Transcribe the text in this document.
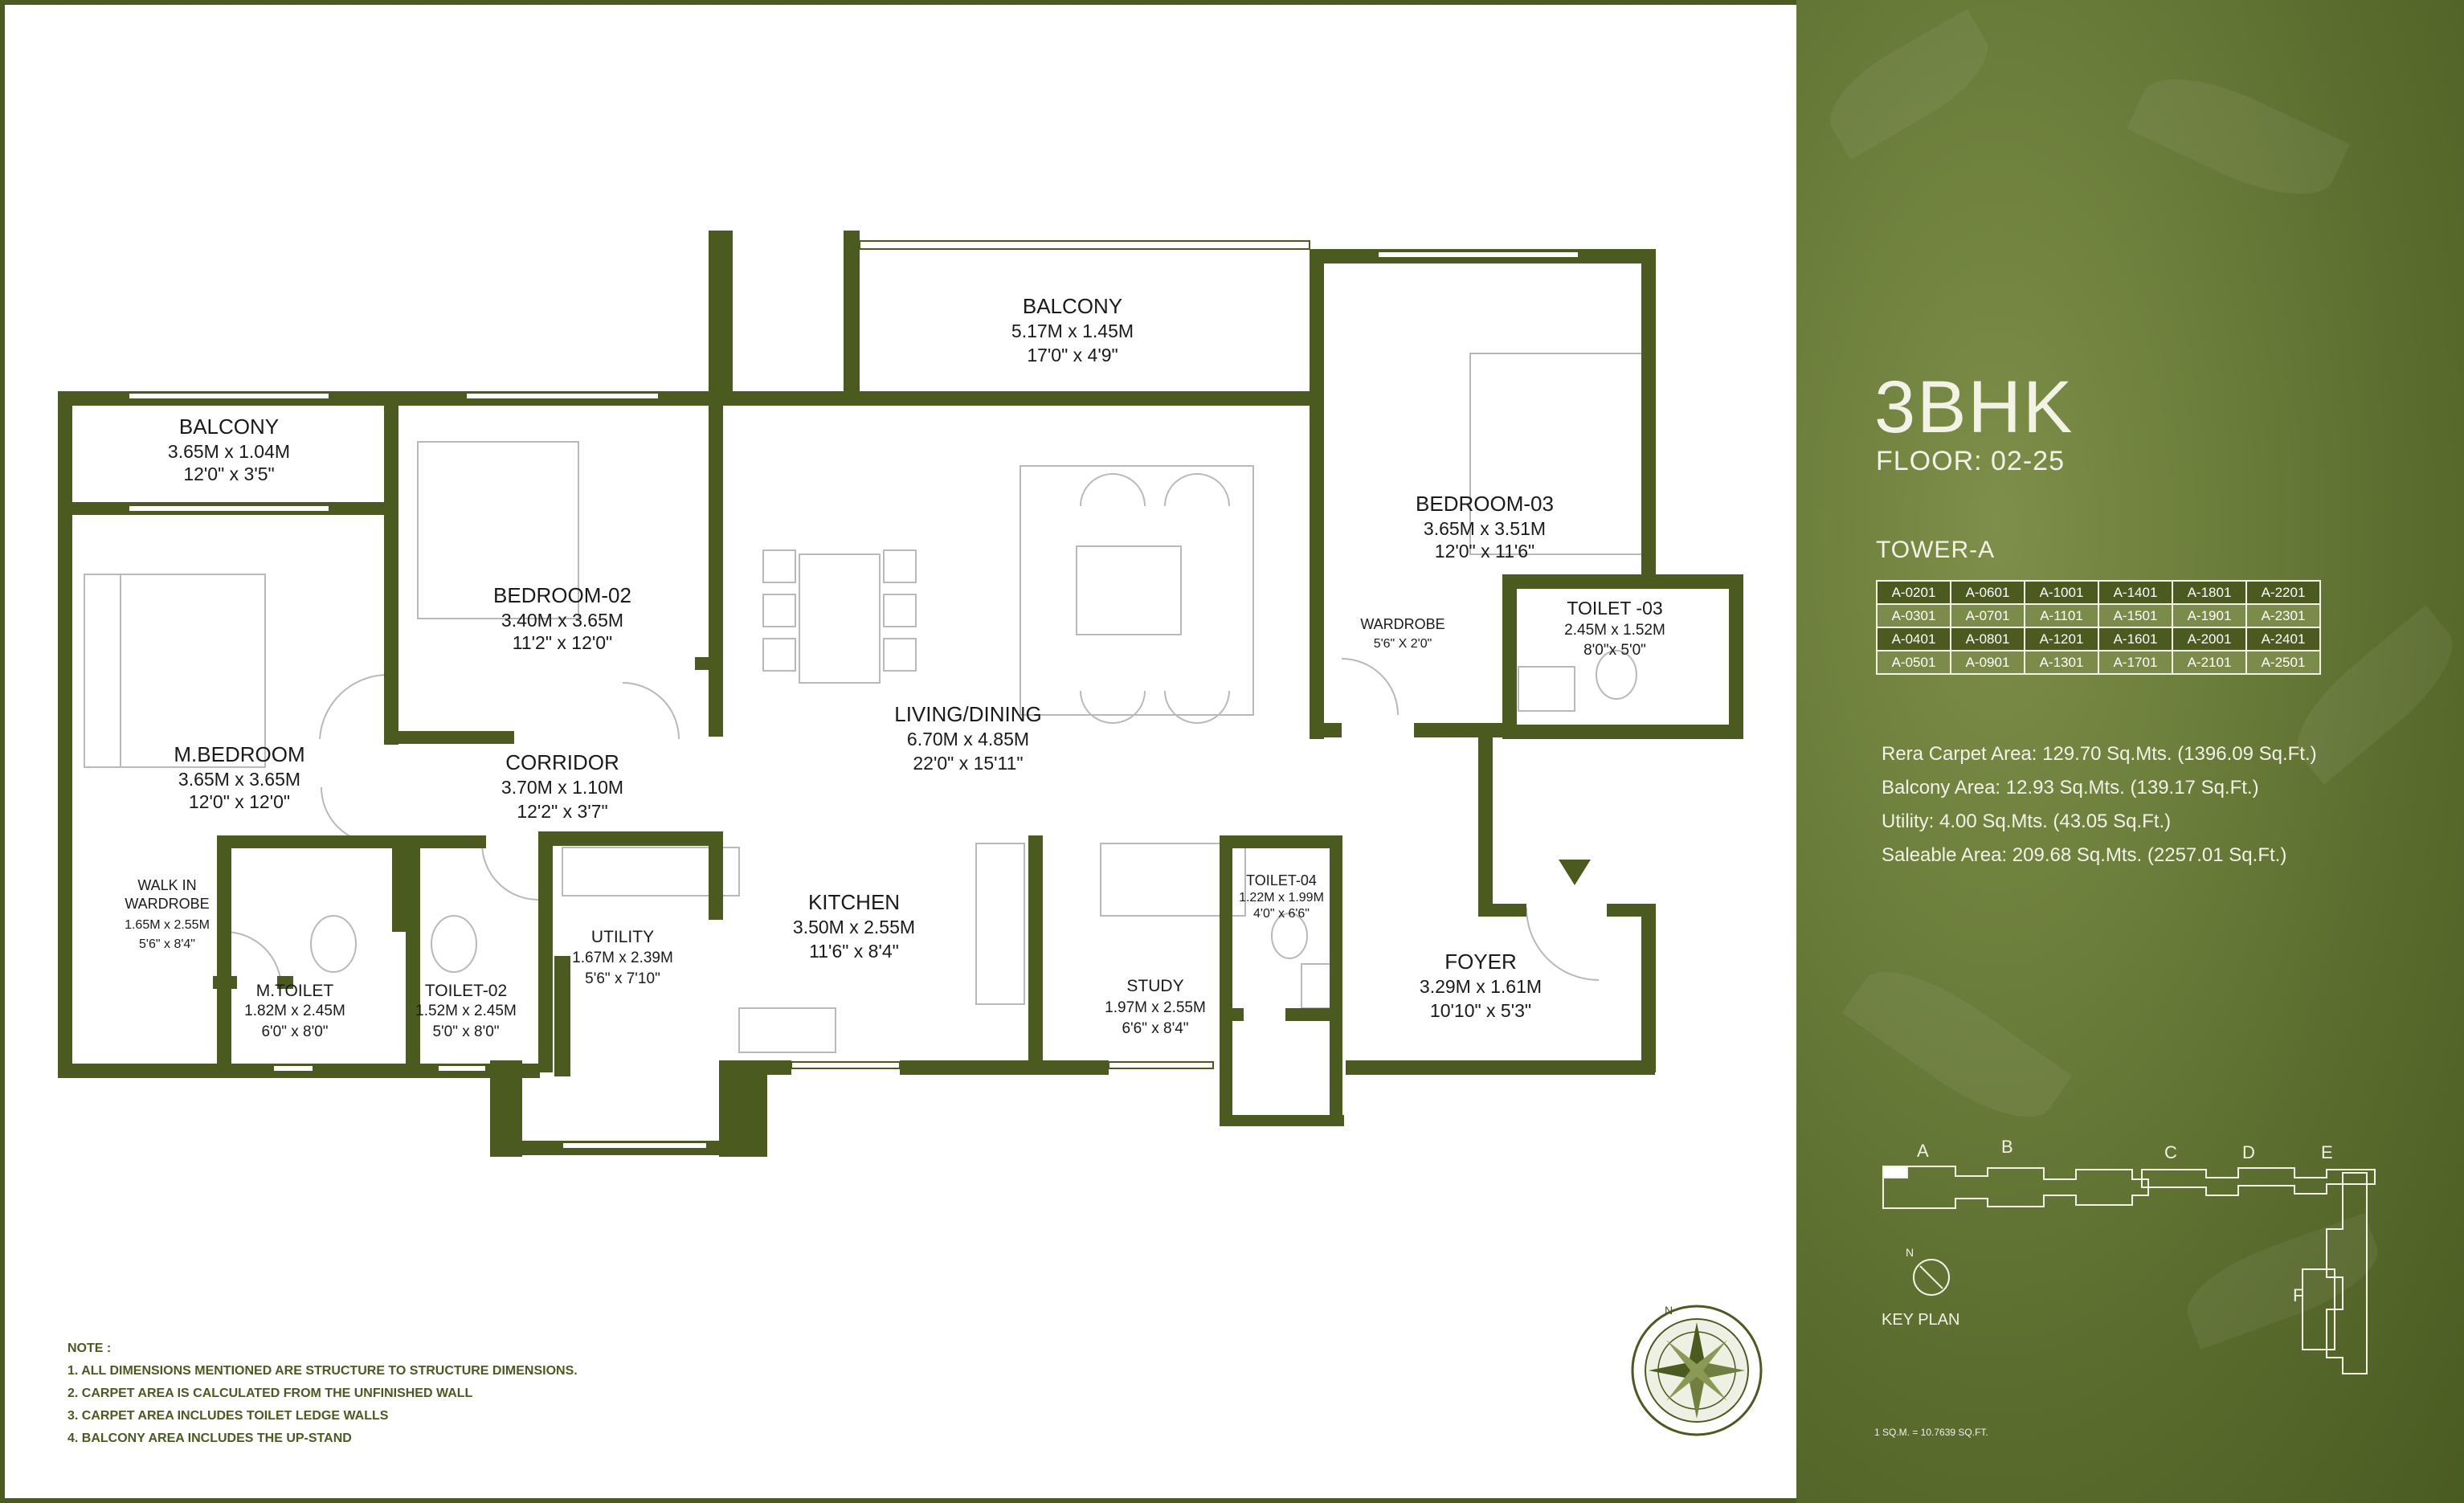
BALCONY
3.65M x 1.04M
12'0" x 3'5"
BALCONY
5.17M x 1.45M
17'0" x 4'9"
BEDROOM-02
3.40M x 3.65M
11'2" x 12'0"
BEDROOM-03
3.65M x 3.51M
12'0" x 11'6"
WARDROBE
5'6" X 2'0"
TOILET -03
2.45M x 1.52M
8'0"x 5'0"
LIVING/DINING
6.70M x 4.85M
22'0" x 15'11"
M.BEDROOM
3.65M x 3.65M
12'0" x 12'0"
CORRIDOR
3.70M x 1.10M
12'2" x 3'7"
WALK IN
WARDROBE
1.65M x 2.55M
5'6" x 8'4"
M.TOILET
1.82M x 2.45M
6'0" x 8'0"
TOILET-02
1.52M x 2.45M
5'0" x 8'0"
UTILITY
1.67M x 2.39M
5'6" x 7'10"
KITCHEN
3.50M x 2.55M
11'6" x 8'4"
STUDY
1.97M x 2.55M
6'6" x 8'4"
TOILET-04
1.22M x 1.99M
4'0" x 6'6"
FOYER
3.29M x 1.61M
10'10" x 5'3"
N
NOTE :
1. ALL DIMENSIONS MENTIONED ARE STRUCTURE TO STRUCTURE DIMENSIONS.
2. CARPET AREA IS CALCULATED FROM THE UNFINISHED WALL
3. CARPET AREA INCLUDES TOILET LEDGE WALLS
4. BALCONY AREA INCLUDES THE UP-STAND
3BHK
FLOOR: 02-25
TOWER-A
A-0201	A-0601	A-1001	A-1401	A-1801	A-2201
A-0301	A-0701	A-1101	A-1501	A-1901	A-2301
A-0401	A-0801	A-1201	A-1601	A-2001	A-2401
A-0501	A-0901	A-1301	A-1701	A-2101	A-2501
Rera Carpet Area: 129.70 Sq.Mts. (1396.09 Sq.Ft.)
Balcony Area: 12.93 Sq.Mts. (139.17 Sq.Ft.)
Utility: 4.00 Sq.Mts. (43.05 Sq.Ft.)
Saleable Area: 209.68 Sq.Mts. (2257.01 Sq.Ft.)
A	B	C	D	E
F
N
KEY PLAN
1 SQ.M. = 10.7639 SQ.FT.
